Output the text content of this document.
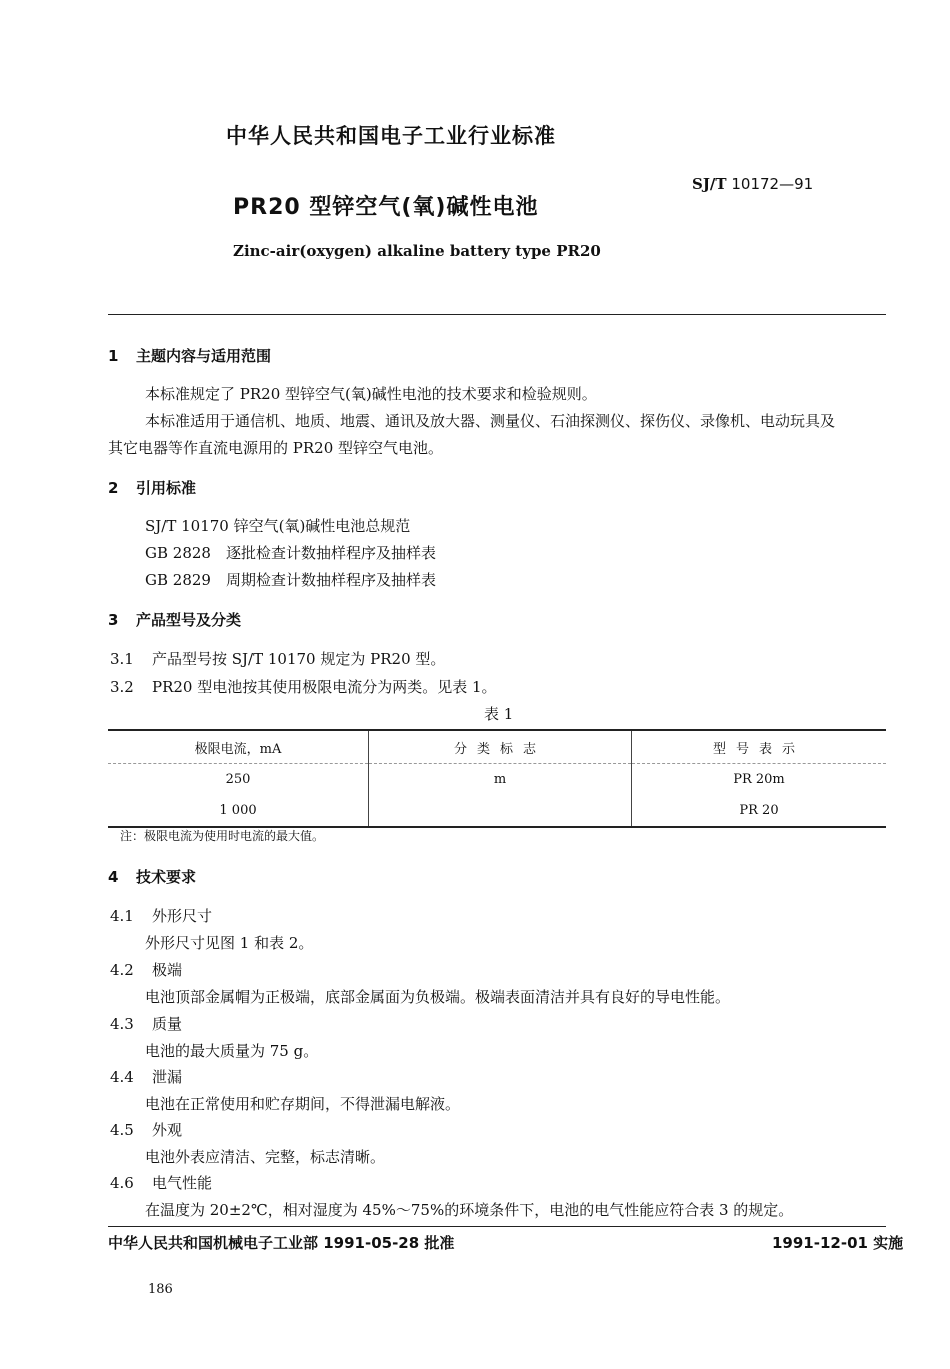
中华人民共和国电子工业行业标准
SJ/T 10172—91
PR20 型锌空气(氧)碱性电池
Zinc-air(oxygen) alkaline battery type PR20
1 主题内容与适用范围
本标准规定了 PR20 型锌空气(氧)碱性电池的技术要求和检验规则。
本标准适用于通信机、地质、地震、通讯及放大器、测量仪、石油探测仪、探伤仪、录像机、电动玩具及
其它电器等作直流电源用的 PR20 型锌空气电池。
2 引用标准
SJ/T 10170 锌空气(氧)碱性电池总规范
GB 2828　逐批检查计数抽样程序及抽样表
GB 2829　周期检查计数抽样程序及抽样表
3 产品型号及分类
3.1 产品型号按 SJ/T 10170 规定为 PR20 型。
3.2 PR20 型电池按其使用极限电流分为两类。见表 1。
表 1
极限电流，mA	分类标志	型号表示
250	m	PR 20m
1 000		PR 20
注：极限电流为使用时电流的最大值。
4 技术要求
4.1 外形尺寸
外形尺寸见图 1 和表 2。
4.2 极端
电池顶部金属帽为正极端，底部金属面为负极端。极端表面清洁并具有良好的导电性能。
4.3 质量
电池的最大质量为 75 g。
4.4 泄漏
电池在正常使用和贮存期间，不得泄漏电解液。
4.5 外观
电池外表应清洁、完整，标志清晰。
4.6 电气性能
在温度为 20±2℃，相对湿度为 45%～75%的环境条件下，电池的电气性能应符合表 3 的规定。
中华人民共和国机械电子工业部 1991-05-28 批准	1991-12-01 实施
186
